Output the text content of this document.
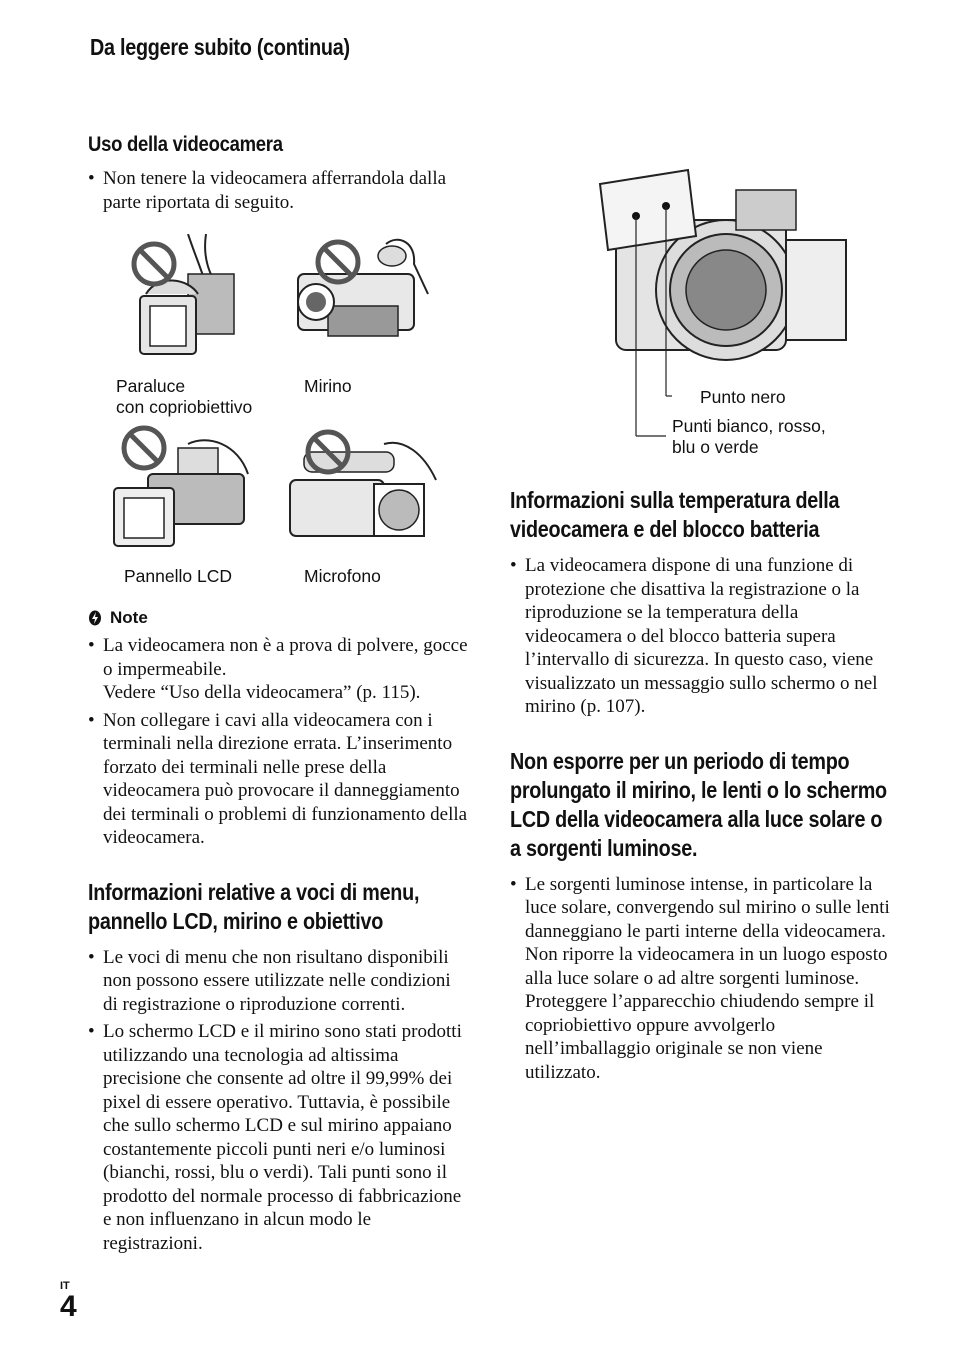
Da leggere subito (continua)
Uso della videocamera
• Non tenere la videocamera afferrandola dalla parte riportata di seguito.
Paraluce
con copriobiettivo
Mirino
Pannello LCD	Microfono
Note
• La videocamera non è a prova di polvere, gocce o impermeabile.
Vedere “Uso della videocamera” (p. 115).
• Non collegare i cavi alla videocamera con i terminali nella direzione errata. L’inserimento forzato dei terminali nelle prese della videocamera può provocare il danneggiamento dei terminali o problemi di funzionamento della videocamera.
Informazioni relative a voci di menu, pannello LCD, mirino e obiettivo
• Le voci di menu che non risultano disponibili non possono essere utilizzate nelle condizioni di registrazione o riproduzione correnti.
• Lo schermo LCD e il mirino sono stati prodotti utilizzando una tecnologia ad altissima precisione che consente ad oltre il 99,99% dei pixel di essere operativo. Tuttavia, è possibile che sullo schermo LCD e sul mirino appaiano costantemente piccoli punti neri e/o luminosi (bianchi, rossi, blu o verdi). Tali punti sono il prodotto del normale processo di fabbricazione e non influenzano in alcun modo le registrazioni.
Punto nero
Punti bianco, rosso,
blu o verde
Informazioni sulla temperatura della videocamera e del blocco batteria
• La videocamera dispone di una funzione di protezione che disattiva la registrazione o la riproduzione se la temperatura della videocamera o del blocco batteria supera l’intervallo di sicurezza. In questo caso, viene visualizzato un messaggio sullo schermo o nel mirino (p. 107).
Non esporre per un periodo di tempo prolungato il mirino, le lenti o lo schermo LCD della videocamera alla luce solare o a sorgenti luminose.
• Le sorgenti luminose intense, in particolare la luce solare, convergendo sul mirino o sulle lenti danneggiano le parti interne della videocamera. Non riporre la videocamera in un luogo esposto alla luce solare o ad altre sorgenti luminose. Proteggere l’apparecchio chiudendo sempre il copriobiettivo oppure avvolgerlo nell’imballaggio originale se non viene utilizzato.
IT
4
